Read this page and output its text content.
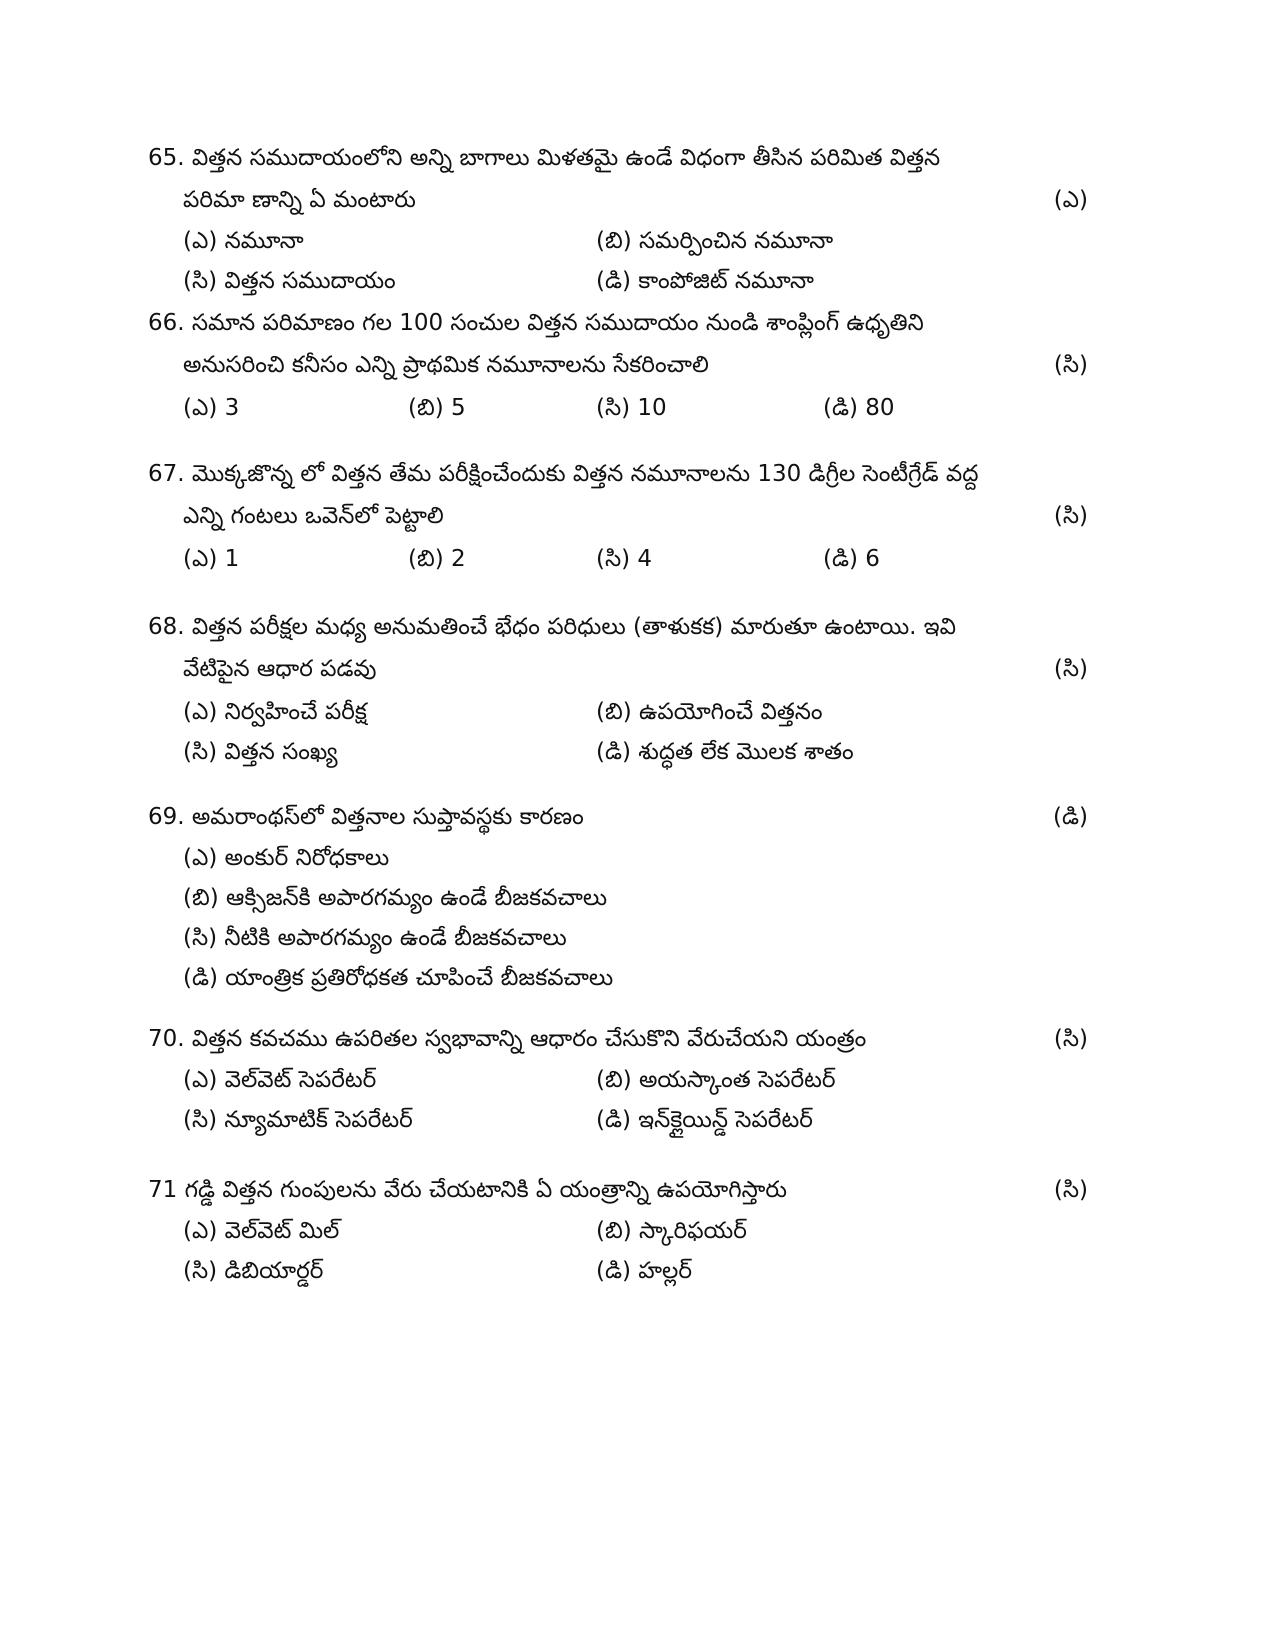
65. విత్తన సముదాయంలోని అన్ని బాగాలు మిళతమై ఉండే విధంగా తీసిన పరిమిత విత్తన
పరిమా ణాన్ని ఏ మంటారు	(ఎ)
(ఎ) నమూనా	(బి) సమర్పించిన నమూనా
(సి) విత్తన సముదాయం	(డి) కాంపోజిట్ నమూనా
66. సమాన పరిమాణం గల 100 సంచుల విత్తన సముదాయం నుండి శాంప్లింగ్ ఉధృతిని
అనుసరించి కనీసం ఎన్ని ప్రాథమిక నమూనాలను సేకరించాలి	(సి)
(ఎ) 3	(బి) 5	(సి) 10	(డి) 80
67. మొక్కజొన్న లో విత్తన తేమ పరీక్షించేందుకు విత్తన నమూనాలను 130 డిగ్రీల సెంటీగ్రేడ్ వద్ద
ఎన్ని గంటలు ఒవెన్‌లో పెట్టాలి	(సి)
(ఎ) 1	(బి) 2	(సి) 4	(డి) 6
68. విత్తన పరీక్షల మధ్య అనుమతించే భేధం పరిధులు (తాళుకక) మారుతూ ఉంటాయి. ఇవి
వేటిపైన ఆధార పడవు	(సి)
(ఎ) నిర్వహించే పరీక్ష	(బి) ఉపయోగించే విత్తనం
(సి) విత్తన సంఖ్య	(డి) శుద్ధత లేక మొలక శాతం
69. అమరాంథస్‌లో విత్తనాల సుప్తావస్థకు కారణం	(డి)
(ఎ) అంకుర్ నిరోధకాలు
(బి) ఆక్సిజన్‌కి అపారగమ్యం ఉండే బీజకవచాలు
(సి) నీటికి అపారగమ్యం ఉండే బీజకవచాలు
(డి) యాంత్రిక ప్రతిరోధకత చూపించే బీజకవచాలు
70. విత్తన కవచము ఉపరితల స్వభావాన్ని ఆధారం చేసుకొని వేరుచేయని యంత్రం	(సి)
(ఎ) వెల్‌వెట్ సెపరేటర్	(బి) అయస్కాంత సెపరేటర్
(సి) న్యూమాటిక్ సెపరేటర్	(డి) ఇన్‌క్లైయిన్డ్ సెపరేటర్
71 గడ్డి విత్తన గుంపులను వేరు చేయటానికి ఏ యంత్రాన్ని ఉపయోగిస్తారు	(సి)
(ఎ) వెల్‌వెట్ మిల్	(బి) స్కారిఫయర్
(సి) డిబియార్డర్	(డి) హల్లర్
